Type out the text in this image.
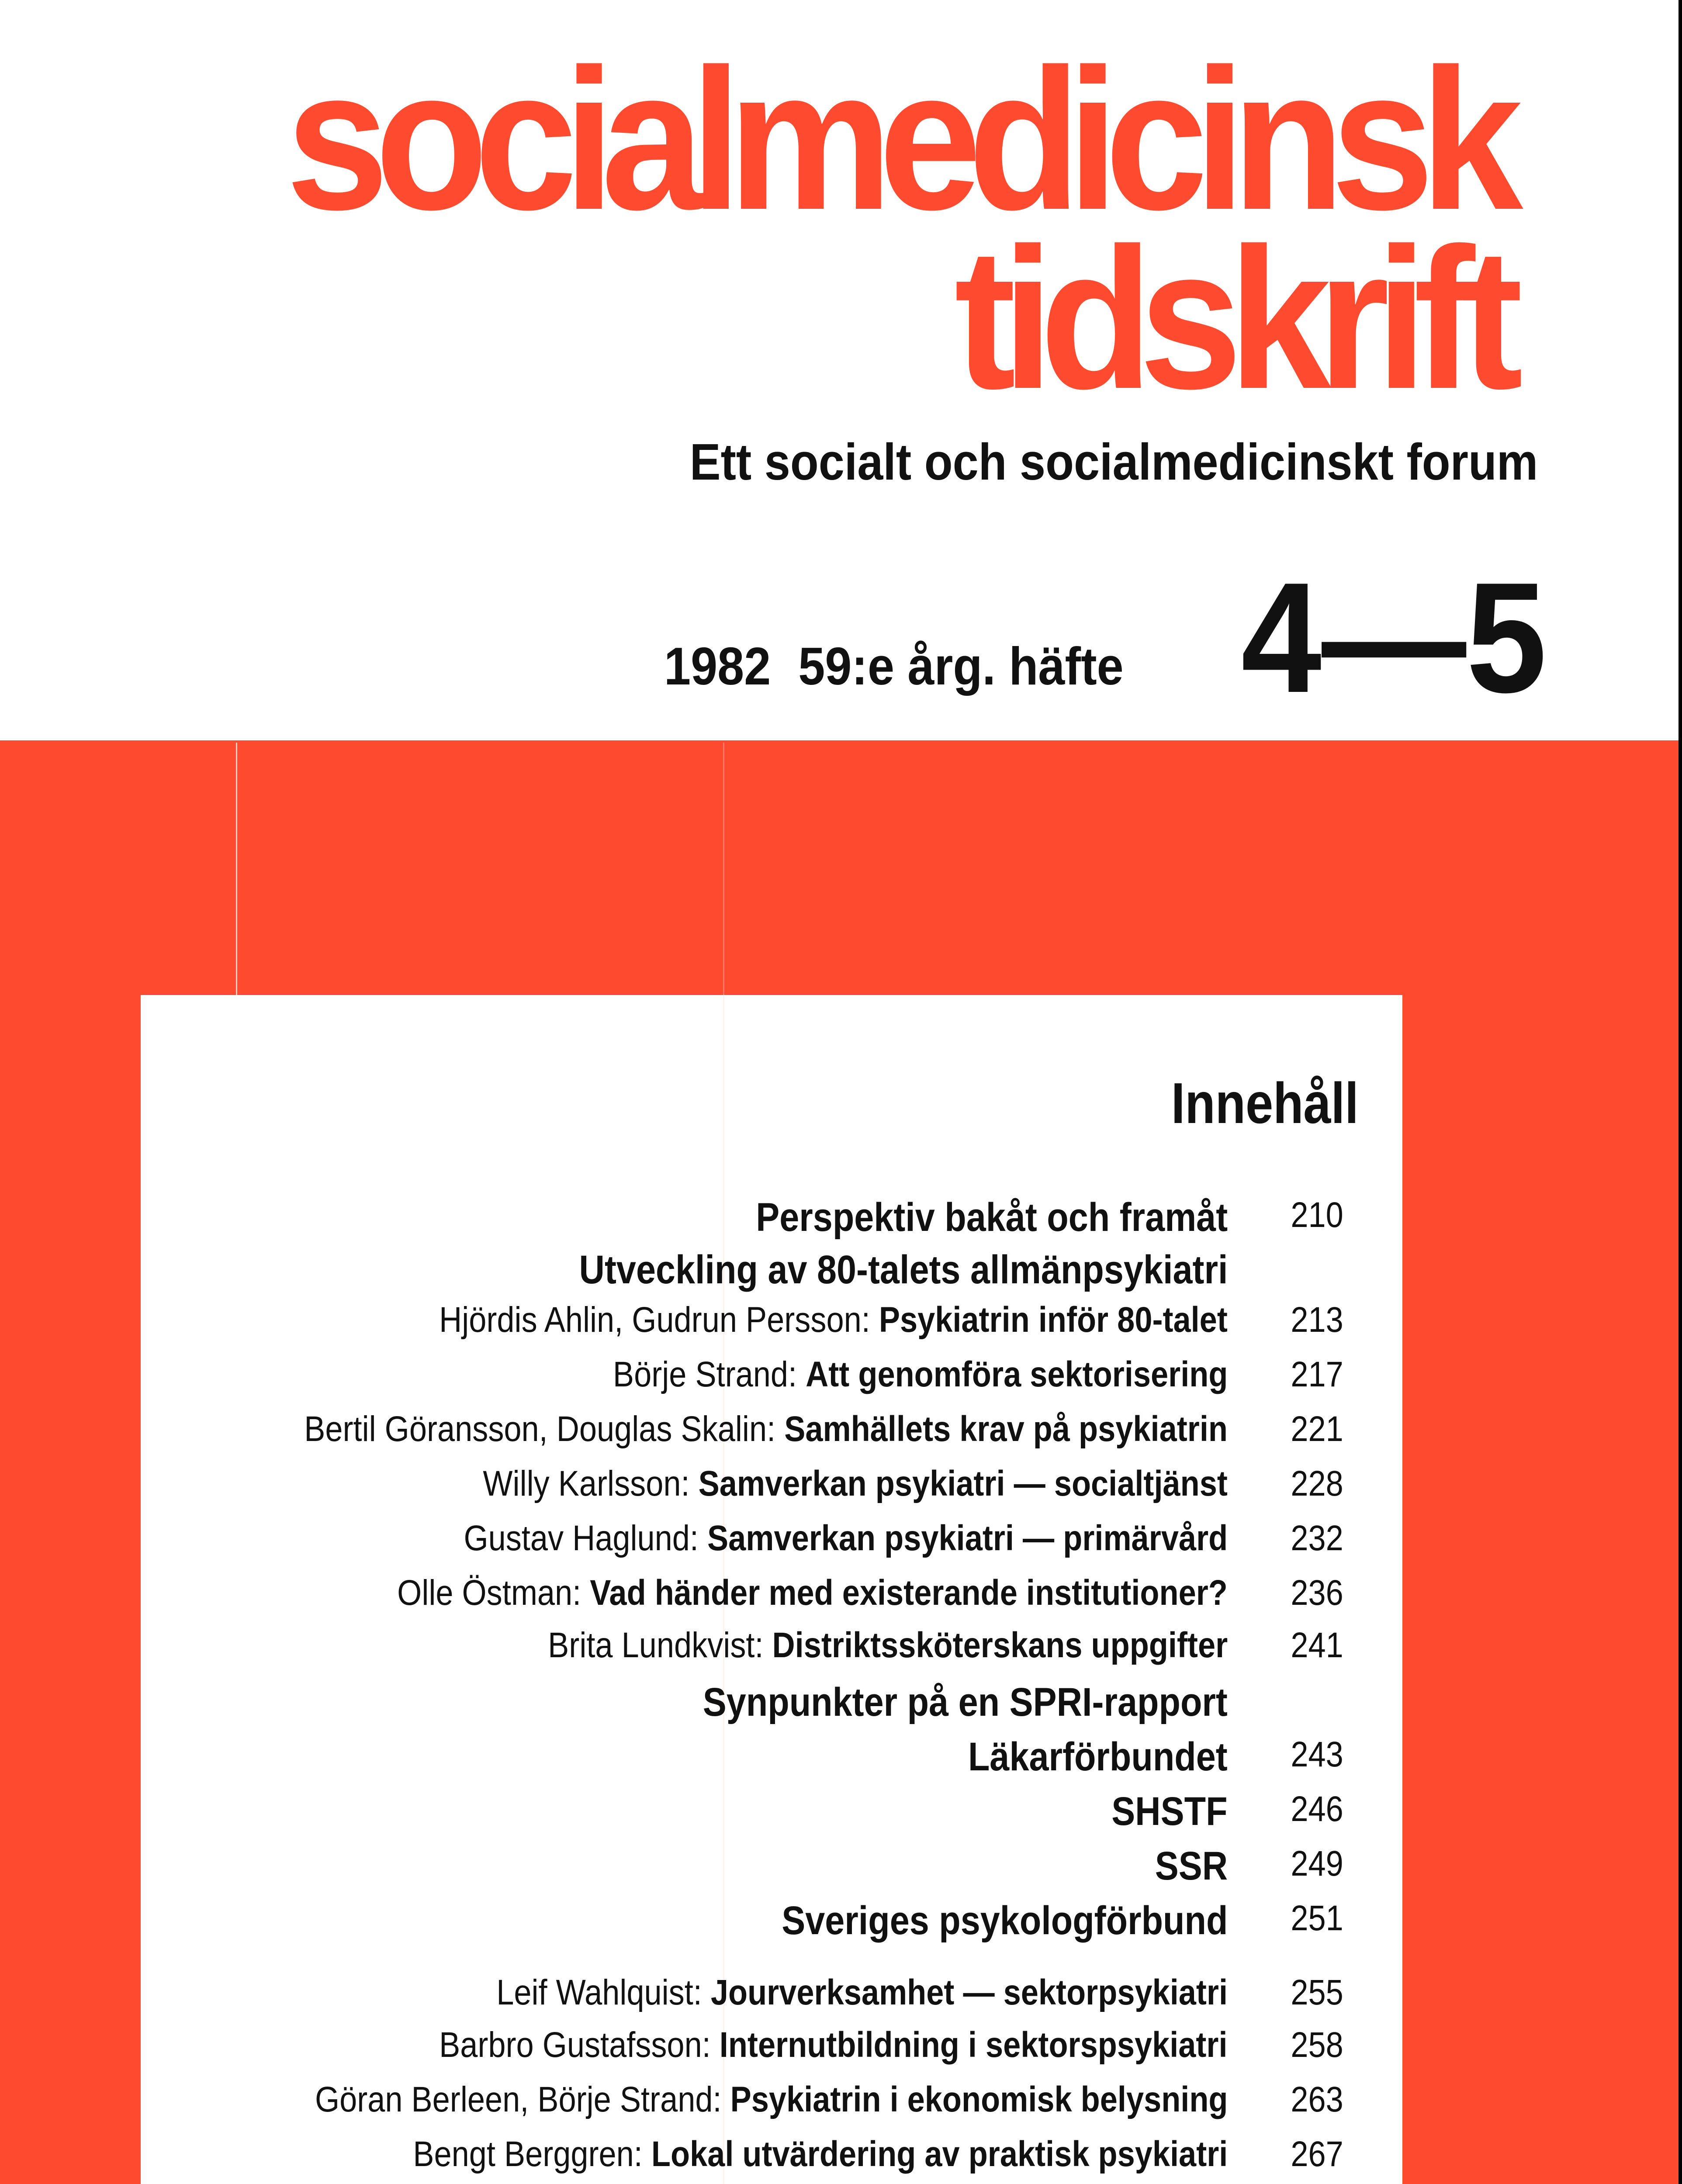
socialmedicinsk
tidskrift
Ett socialt och socialmedicinskt forum
1982 59:e årg. häfte 4—5
Innehåll
Perspektiv bakåt och framåt 210
Utveckling av 80-talets allmänpsykiatri
Hjördis Ahlin, Gudrun Persson: Psykiatrin inför 80-talet 213
Börje Strand: Att genomföra sektorisering 217
Bertil Göransson, Douglas Skalin: Samhällets krav på psykiatrin 221
Willy Karlsson: Samverkan psykiatri — socialtjänst 228
Gustav Haglund: Samverkan psykiatri — primärvård 232
Olle Östman: Vad händer med existerande institutioner? 236
Brita Lundkvist: Distriktssköterskans uppgifter 241
Synpunkter på en SPRI-rapport
Läkarförbundet 243
SHSTF 246
SSR 249
Sveriges psykologförbund 251
Leif Wahlquist: Jourverksamhet — sektorpsykiatri 255
Barbro Gustafsson: Internutbildning i sektorspsykiatri 258
Göran Berleen, Börje Strand: Psykiatrin i ekonomisk belysning 263
Bengt Berggren: Lokal utvärdering av praktisk psykiatri 267
